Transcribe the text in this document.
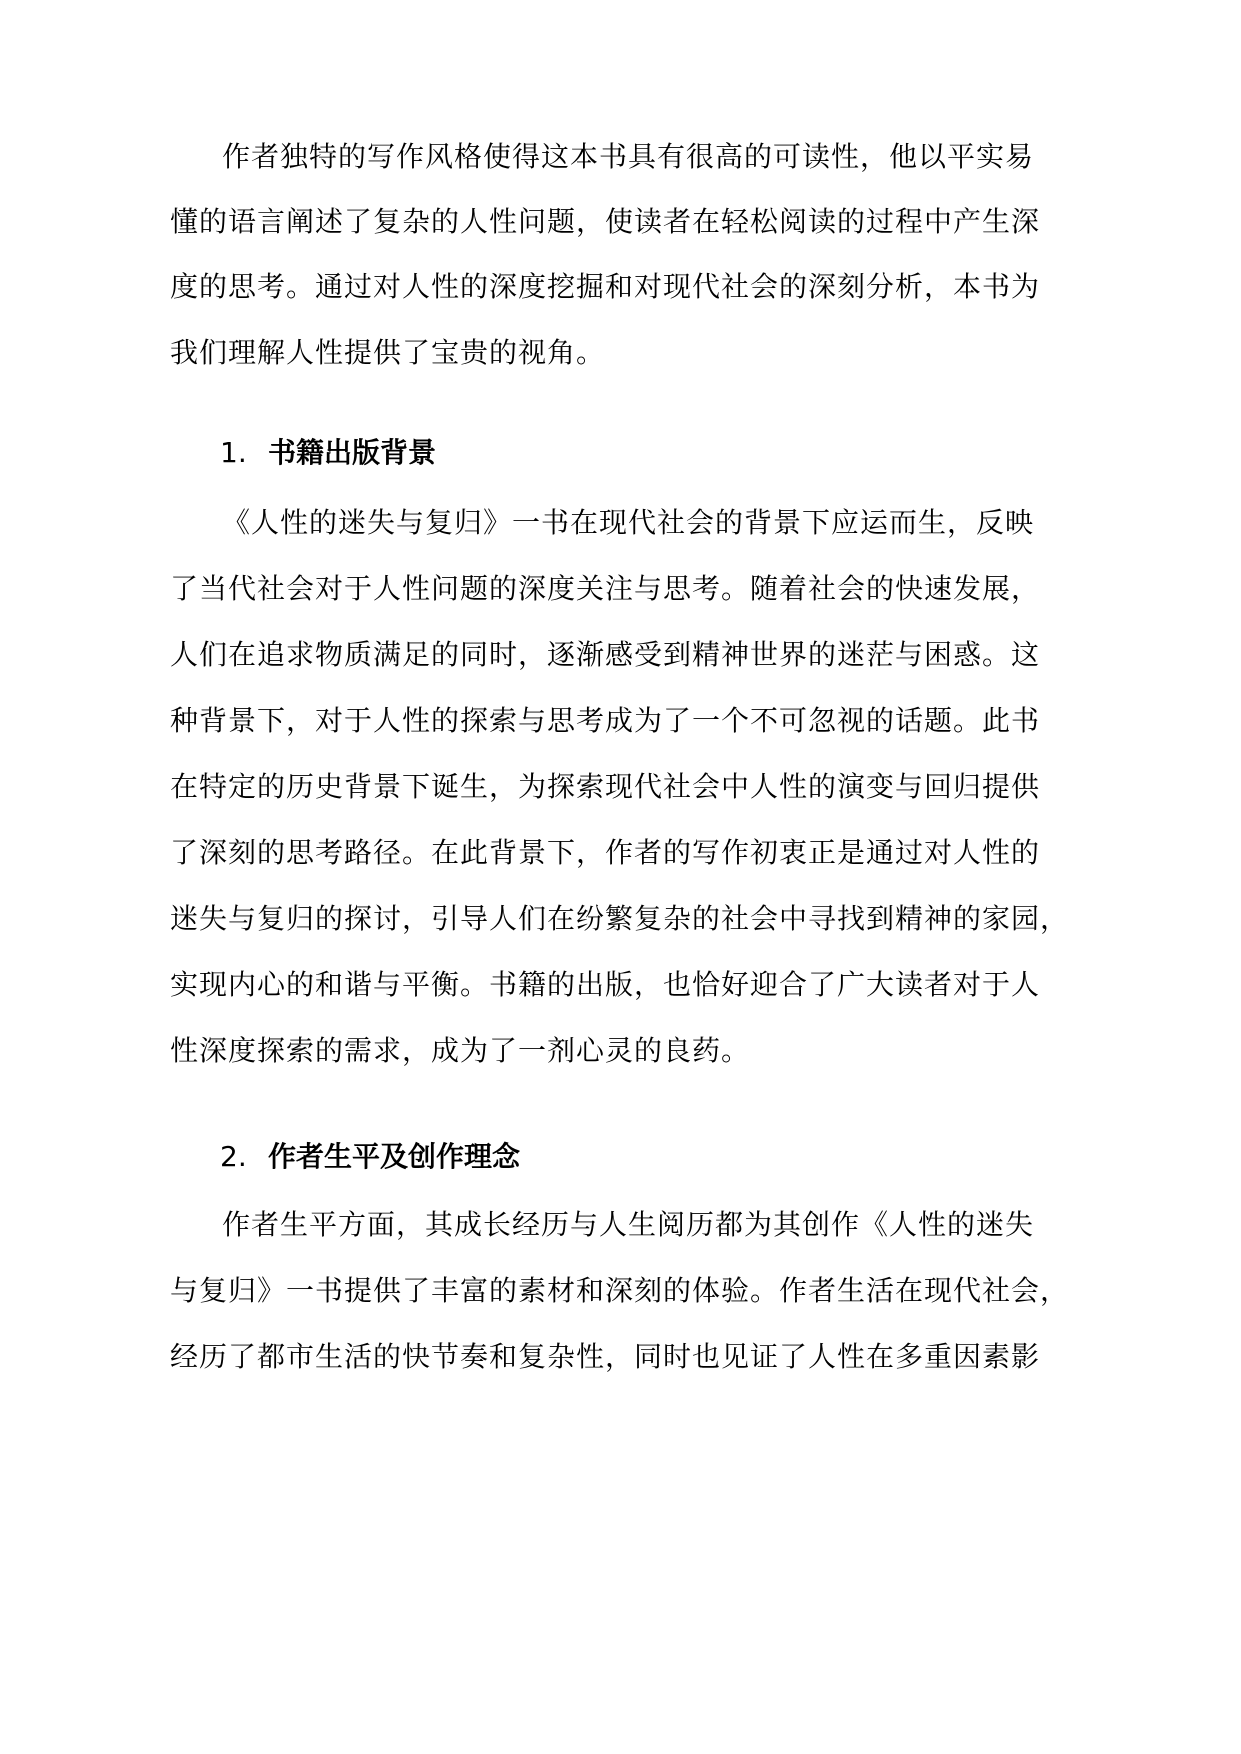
作者独特的写作风格使得这本书具有很高的可读性，他以平实易
懂的语言阐述了复杂的人性问题，使读者在轻松阅读的过程中产生深
度的思考。通过对人性的深度挖掘和对现代社会的深刻分析，本书为
我们理解人性提供了宝贵的视角。
1. 书籍出版背景
《人性的迷失与复归》一书在现代社会的背景下应运而生，反映
了当代社会对于人性问题的深度关注与思考。随着社会的快速发展，
人们在追求物质满足的同时，逐渐感受到精神世界的迷茫与困惑。这
种背景下，对于人性的探索与思考成为了一个不可忽视的话题。此书
在特定的历史背景下诞生，为探索现代社会中人性的演变与回归提供
了深刻的思考路径。在此背景下，作者的写作初衷正是通过对人性的
迷失与复归的探讨，引导人们在纷繁复杂的社会中寻找到精神的家园，
实现内心的和谐与平衡。书籍的出版，也恰好迎合了广大读者对于人
性深度探索的需求，成为了一剂心灵的良药。
2. 作者生平及创作理念
作者生平方面，其成长经历与人生阅历都为其创作《人性的迷失
与复归》一书提供了丰富的素材和深刻的体验。作者生活在现代社会，
经历了都市生活的快节奏和复杂性，同时也见证了人性在多重因素影
